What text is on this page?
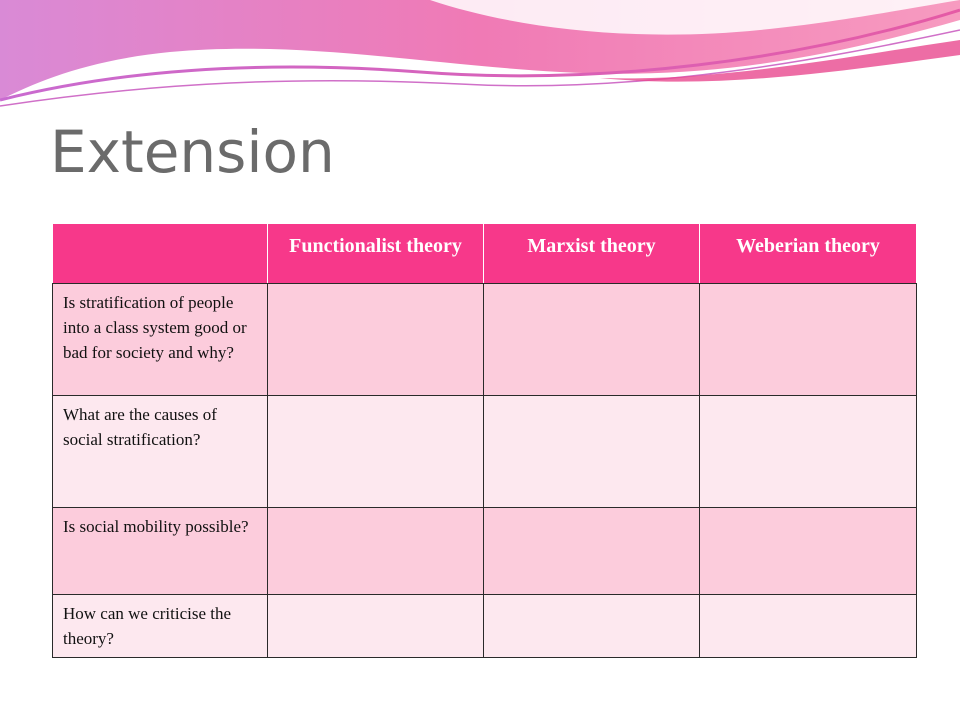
Extension
	Functionalist theory	Marxist theory	Weberian theory
Is stratification of people into a class system good or bad for society and why?			
What are the causes of social stratification?			
Is social mobility possible?			
How can we criticise the theory?			
